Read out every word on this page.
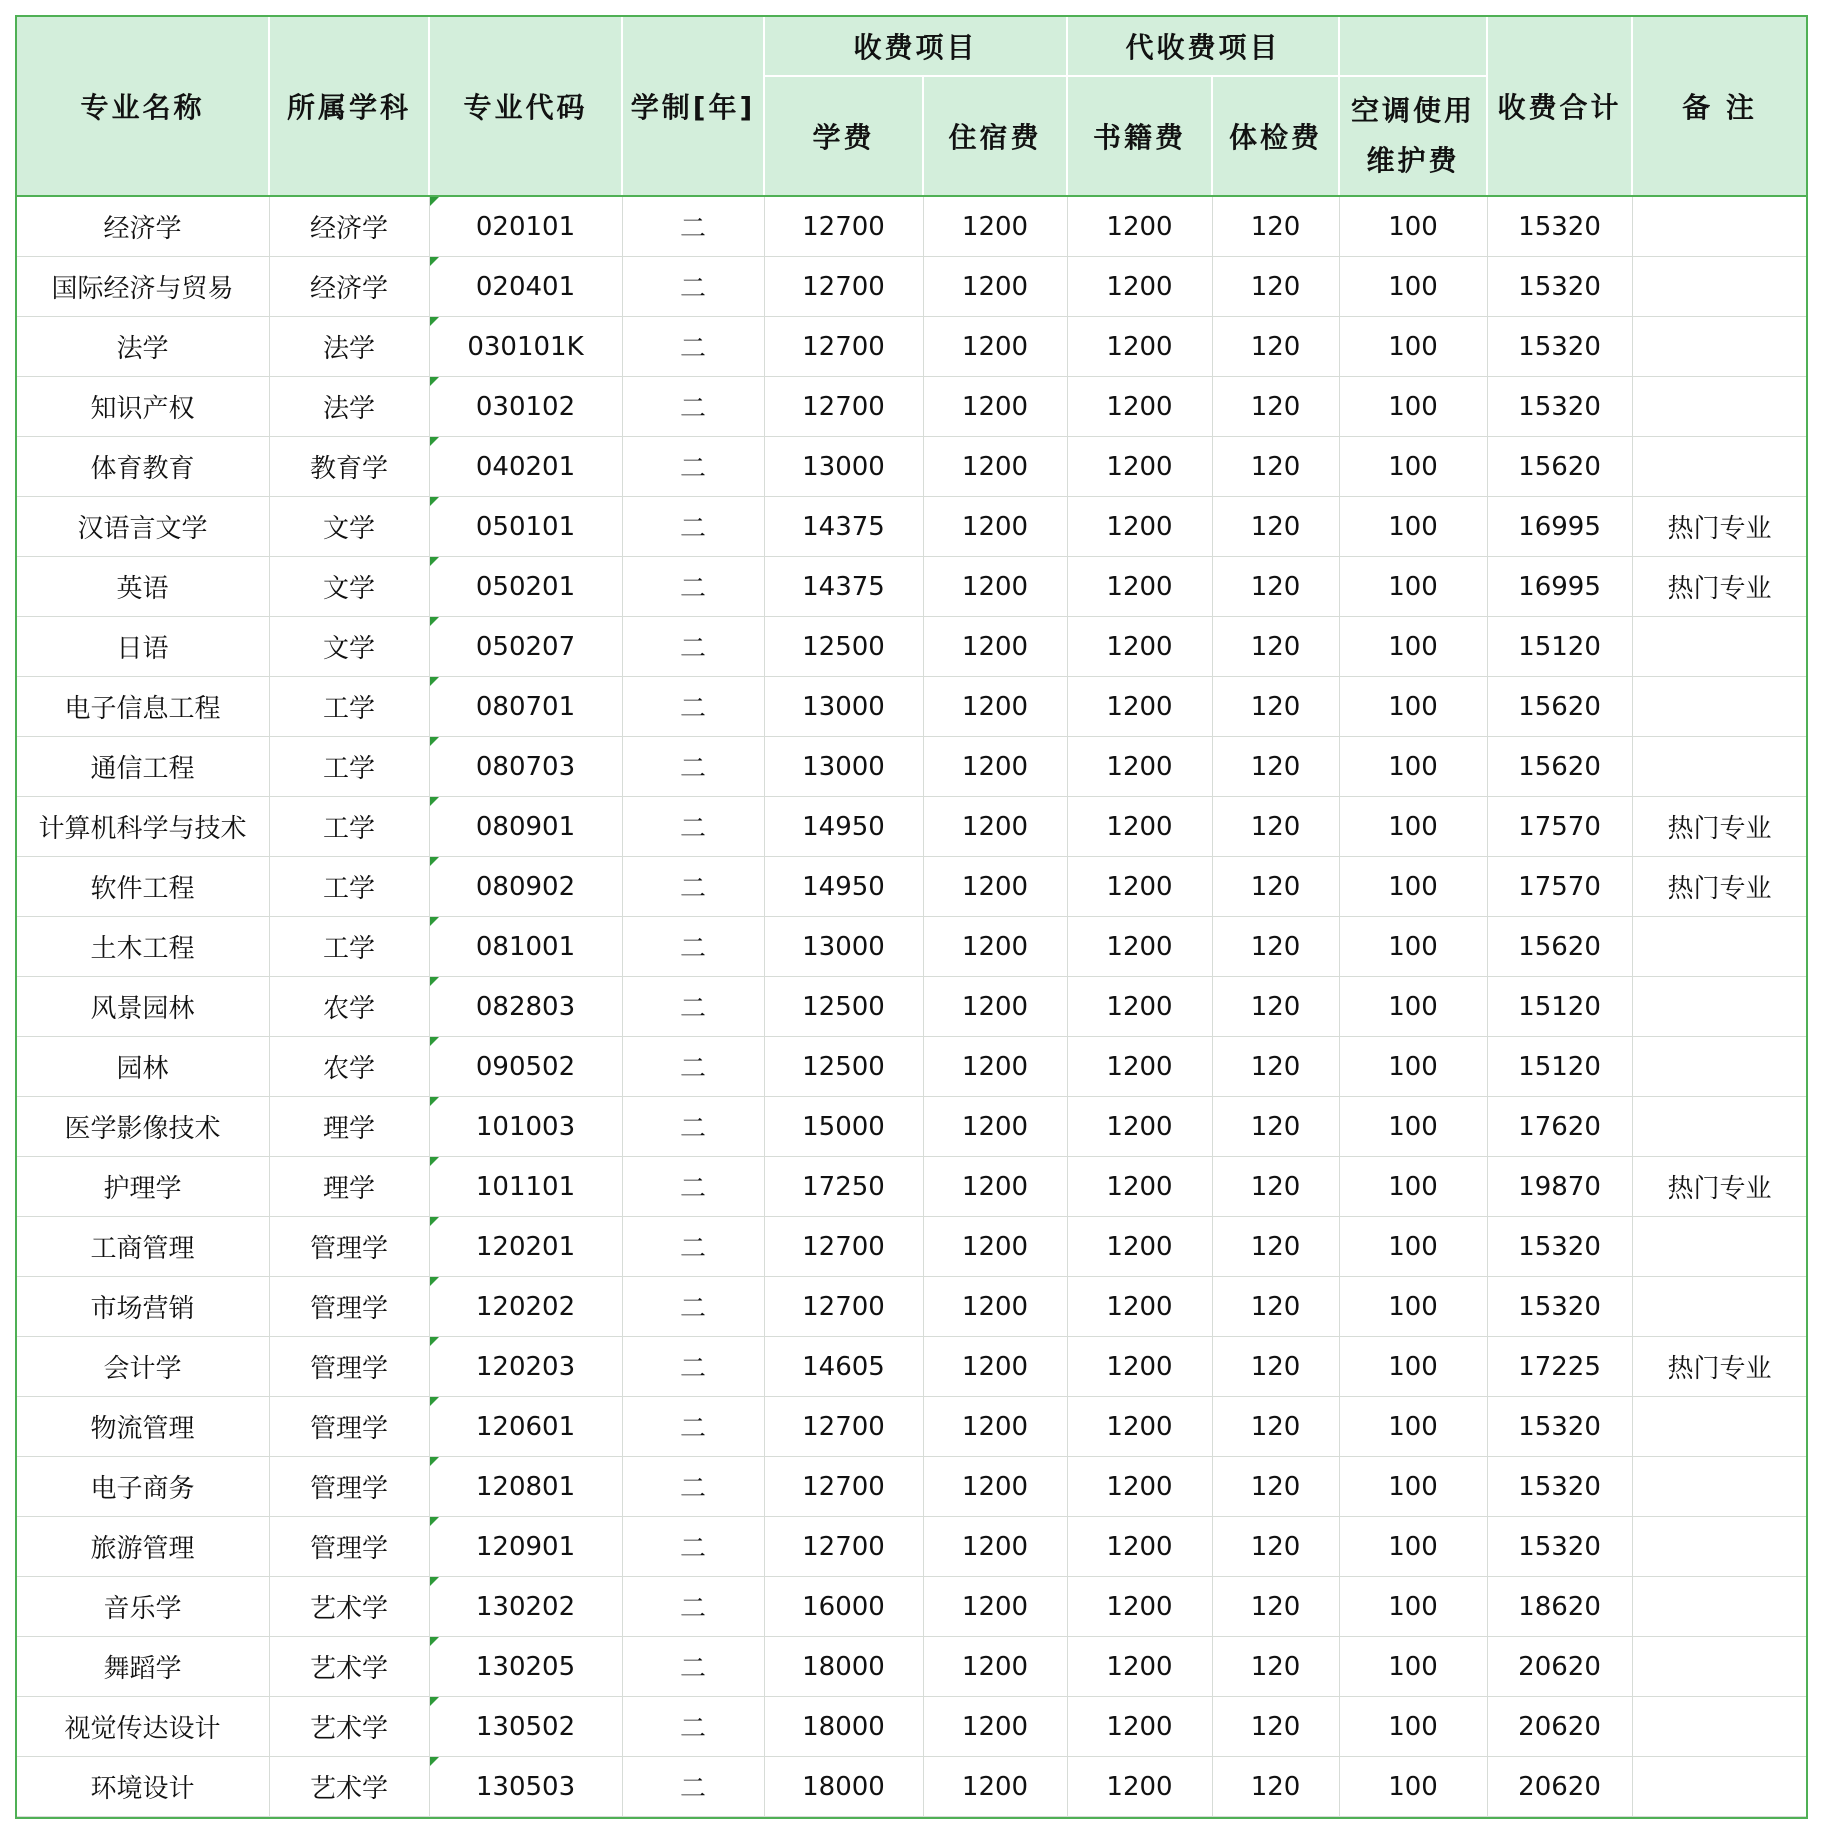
专业名称	所属学科	专业代码	学制[年]	收费项目		代收费项目			收费合计	备 注
				学费	住宿费	书籍费	体检费	空调使用
维护费		
经济学	经济学	020101	二	12700	1200	1200	120	100	15320	
国际经济与贸易	经济学	020401	二	12700	1200	1200	120	100	15320	
法学	法学	030101K	二	12700	1200	1200	120	100	15320	
知识产权	法学	030102	二	12700	1200	1200	120	100	15320	
体育教育	教育学	040201	二	13000	1200	1200	120	100	15620	
汉语言文学	文学	050101	二	14375	1200	1200	120	100	16995	热门专业
英语	文学	050201	二	14375	1200	1200	120	100	16995	热门专业
日语	文学	050207	二	12500	1200	1200	120	100	15120	
电子信息工程	工学	080701	二	13000	1200	1200	120	100	15620	
通信工程	工学	080703	二	13000	1200	1200	120	100	15620	
计算机科学与技术	工学	080901	二	14950	1200	1200	120	100	17570	热门专业
软件工程	工学	080902	二	14950	1200	1200	120	100	17570	热门专业
土木工程	工学	081001	二	13000	1200	1200	120	100	15620	
风景园林	农学	082803	二	12500	1200	1200	120	100	15120	
园林	农学	090502	二	12500	1200	1200	120	100	15120	
医学影像技术	理学	101003	二	15000	1200	1200	120	100	17620	
护理学	理学	101101	二	17250	1200	1200	120	100	19870	热门专业
工商管理	管理学	120201	二	12700	1200	1200	120	100	15320	
市场营销	管理学	120202	二	12700	1200	1200	120	100	15320	
会计学	管理学	120203	二	14605	1200	1200	120	100	17225	热门专业
物流管理	管理学	120601	二	12700	1200	1200	120	100	15320	
电子商务	管理学	120801	二	12700	1200	1200	120	100	15320	
旅游管理	管理学	120901	二	12700	1200	1200	120	100	15320	
音乐学	艺术学	130202	二	16000	1200	1200	120	100	18620	
舞蹈学	艺术学	130205	二	18000	1200	1200	120	100	20620	
视觉传达设计	艺术学	130502	二	18000	1200	1200	120	100	20620	
环境设计	艺术学	130503	二	18000	1200	1200	120	100	20620	
